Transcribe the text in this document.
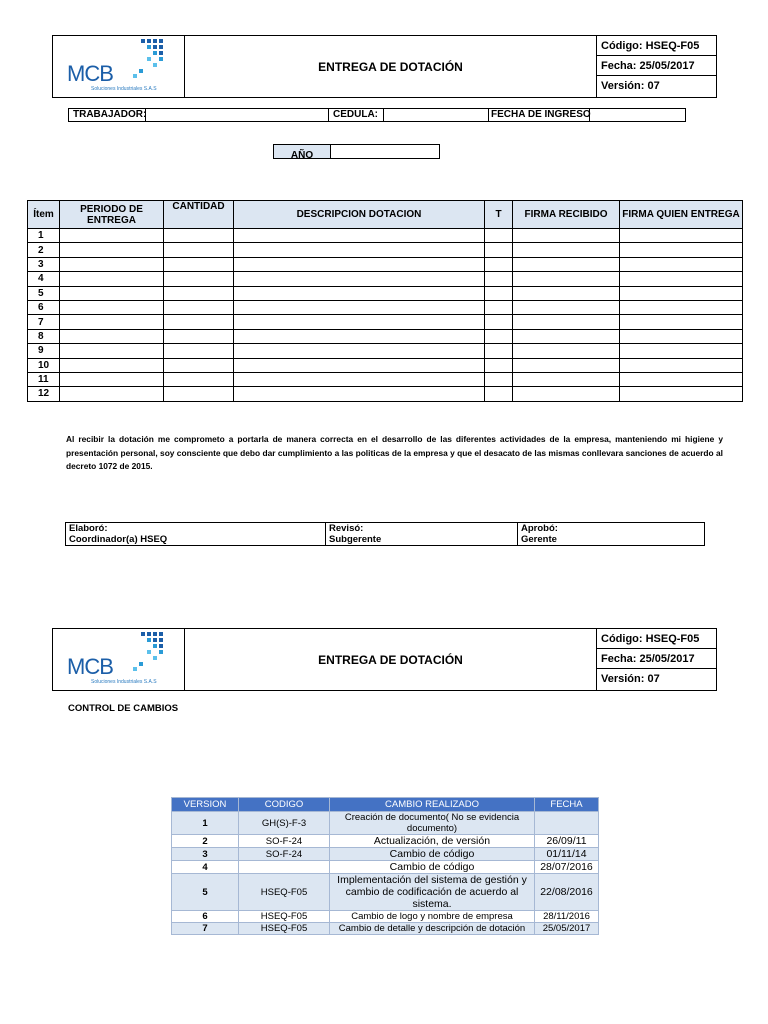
MCB
Soluciones Industriales S.A.S
ENTREGA DE DOTACIÓN
Código: HSEQ-F05
Fecha: 25/05/2017
Versión: 07
TRABAJADOR:	CEDULA:	FECHA DE INGRESO
AÑO
Ítem	PERIODO DE ENTREGA	CANTIDAD	DESCRIPCION DOTACION	T	FIRMA RECIBIDO	FIRMA QUIEN ENTREGA
1						
2						
3						
4						
5						
6						
7						
8						
9						
10						
11						
12						
Al recibir la dotación me comprometo a portarla de manera correcta en el desarrollo de las diferentes actividades de la empresa, manteniendo mi higiene y presentación personal, soy consciente que debo dar cumplimiento a las politicas de la empresa y que el desacato de las mismas conllevara sanciones de acuerdo al decreto 1072 de 2015.
Elaboró:
Coordinador(a) HSEQ
Revisó:
Subgerente
Aprobó:
Gerente
MCB
Soluciones Industriales S.A.S
ENTREGA DE DOTACIÓN
Código: HSEQ-F05
Fecha: 25/05/2017
Versión: 07
CONTROL DE CAMBIOS
VERSION	CODIGO	CAMBIO REALIZADO	FECHA
1	GH(S)-F-3	Creación de documento( No se evidencia documento)	
2	SO-F-24	Actualización, de versión	26/09/11
3	SO-F-24	Cambio de código	01/11/14
4		Cambio de código	28/07/2016
5	HSEQ-F05	Implementación del sistema de gestión y cambio de codificación de acuerdo al sistema.	22/08/2016
6	HSEQ-F05	Cambio de logo y nombre de empresa	28/11/2016
7	HSEQ-F05	Cambio de detalle y descripción de dotación	25/05/2017
